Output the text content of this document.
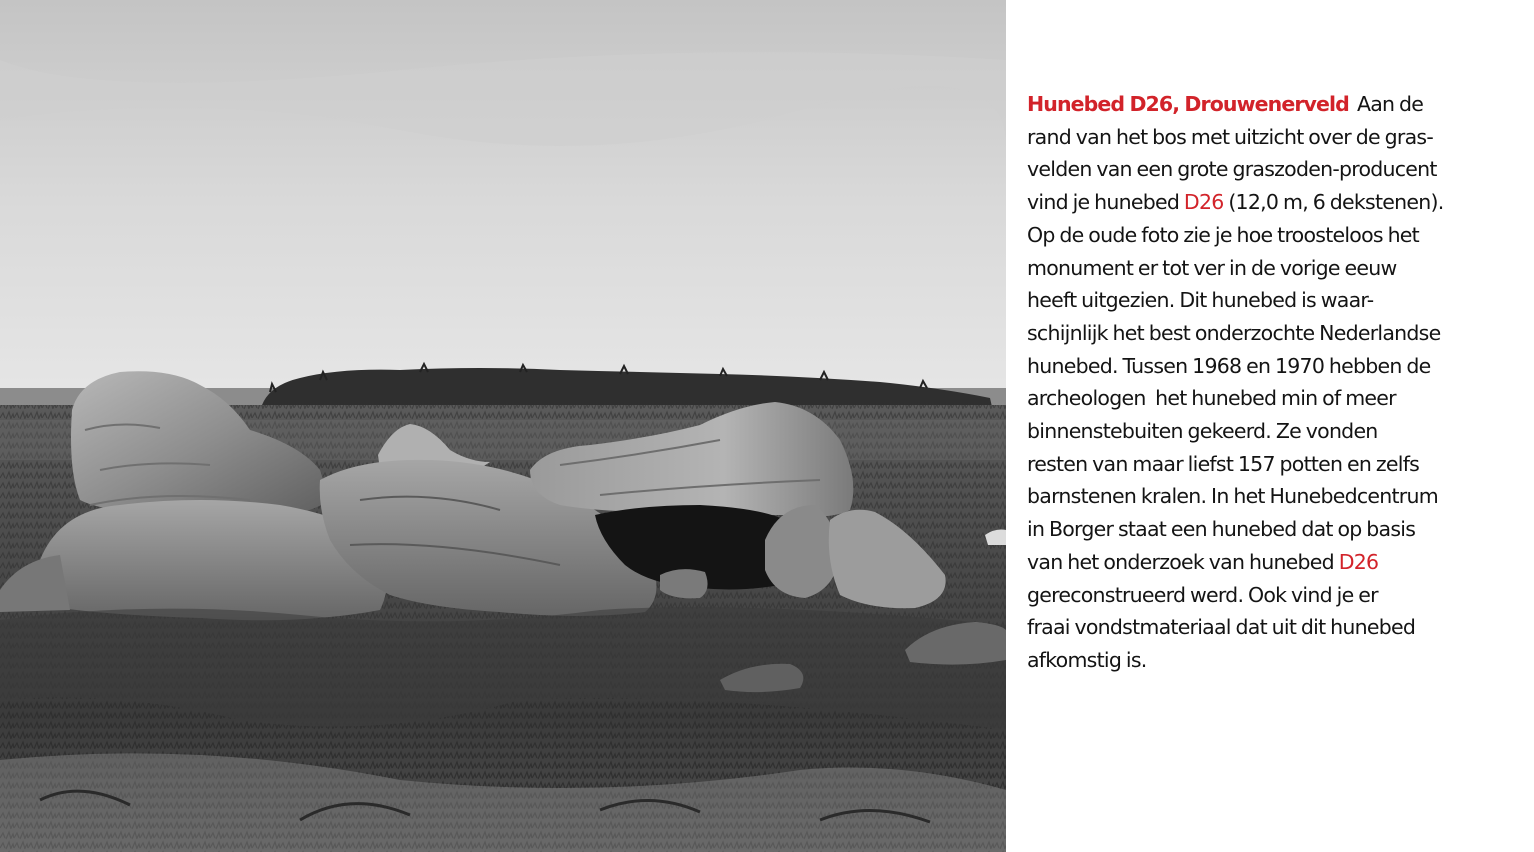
Hunebed D26, Drouwenerveld Aan de
rand van het bos met uitzicht over de gras-
velden van een grote graszoden-producent
vind je hunebed D26 (12,0 m, 6 dekstenen).
Op de oude foto zie je hoe troosteloos het
monument er tot ver in de vorige eeuw
heeft uitgezien. Dit hunebed is waar-
schijnlijk het best onderzochte Nederlandse
hunebed. Tussen 1968 en 1970 hebben de
archeologen  het hunebed min of meer
binnenstebuiten gekeerd. Ze vonden
resten van maar liefst 157 potten en zelfs
barnstenen kralen. In het Hunebedcentrum
in Borger staat een hunebed dat op basis
van het onderzoek van hunebed D26
gereconstrueerd werd. Ook vind je er
fraai vondstmateriaal dat uit dit hunebed
afkomstig is.
